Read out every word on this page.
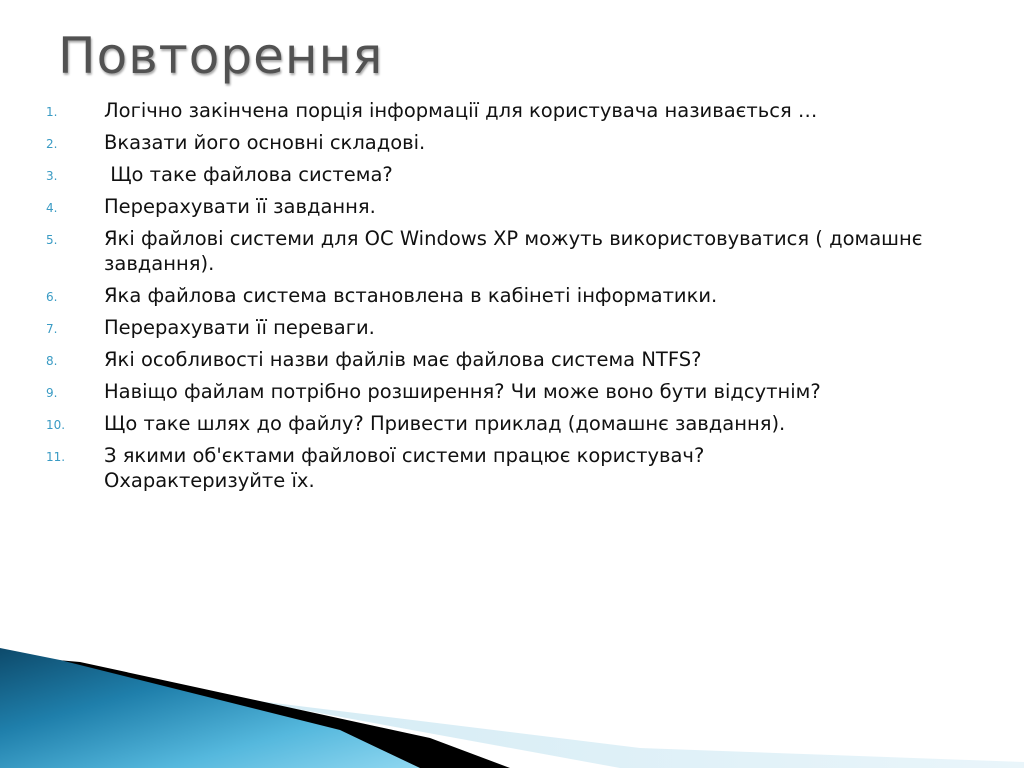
Повторення
1. Логічно закінчена порція інформації для користувача називається …
2. Вказати його основні складові.
3. Що таке файлова система?
4. Перерахувати її завдання.
5. Які файлові системи для ОС Windows XP можуть використовуватися ( домашнє завдання).
6. Яка файлова система встановлена в кабінеті інформатики.
7. Перерахувати її переваги.
8. Які особливості назви файлів має файлова система NTFS?
9. Навіщо файлам потрібно розширення? Чи може воно бути відсутнім?
10. Що таке шлях до файлу? Привести приклад (домашнє завдання).
11. З якими об'єктами файлової системи працює користувач?
Охарактеризуйте їх.
